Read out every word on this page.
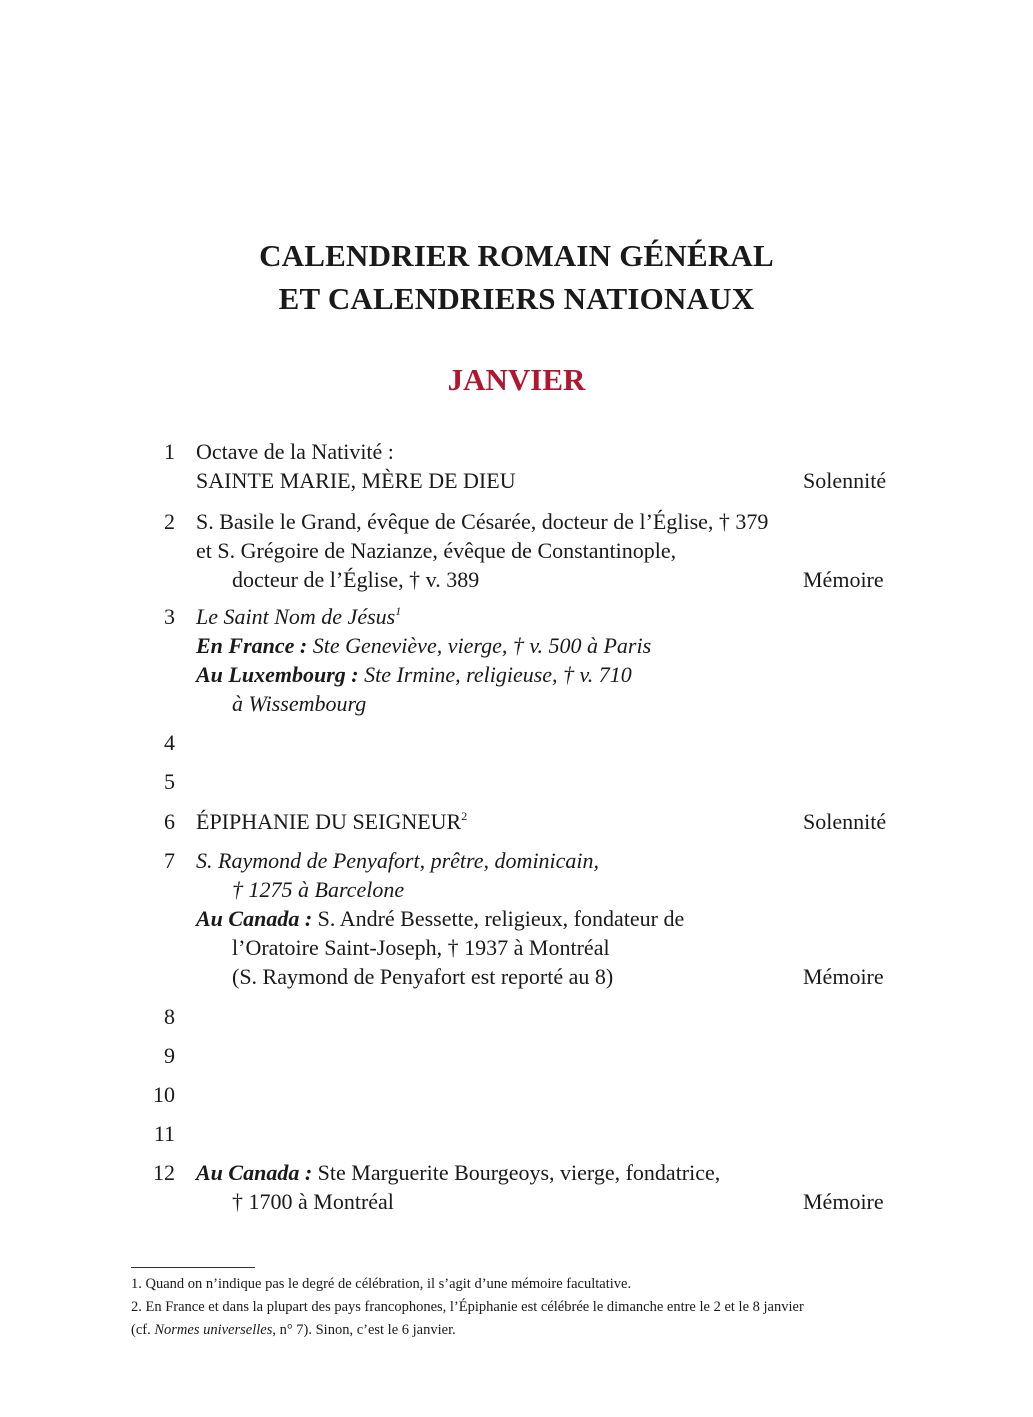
CALENDRIER ROMAIN GÉNÉRAL
ET CALENDRIERS NATIONAUX
JANVIER
1 Octave de la Nativité :
SAINTE MARIE, MÈRE DE DIEU	Solennité
2 S. Basile le Grand, évêque de Césarée, docteur de l’Église, † 379
et S. Grégoire de Nazianze, évêque de Constantinople,
docteur de l’Église, † v. 389	Mémoire
3 Le Saint Nom de Jésus$^1$
En France : Ste Geneviève, vierge, † v. 500 à Paris
Au Luxembourg : Ste Irmine, religieuse, † v. 710
à Wissembourg
4
5
6 ÉPIPHANIE DU SEIGNEUR$^2$	Solennité
7 S. Raymond de Penyafort, prêtre, dominicain,
† 1275 à Barcelone
Au Canada : S. André Bessette, religieux, fondateur de
l’Oratoire Saint-Joseph, † 1937 à Montréal
(S. Raymond de Penyafort est reporté au 8)	Mémoire
8
9
10
11
12 Au Canada : Ste Marguerite Bourgeoys, vierge, fondatrice,
† 1700 à Montréal	Mémoire
1. Quand on n’indique pas le degré de célébration, il s’agit d’une mémoire facultative.
2. En France et dans la plupart des pays francophones, l’Épiphanie est célébrée le dimanche entre le 2 et le 8 janvier
(cf. Normes universelles, n° 7). Sinon, c’est le 6 janvier.
